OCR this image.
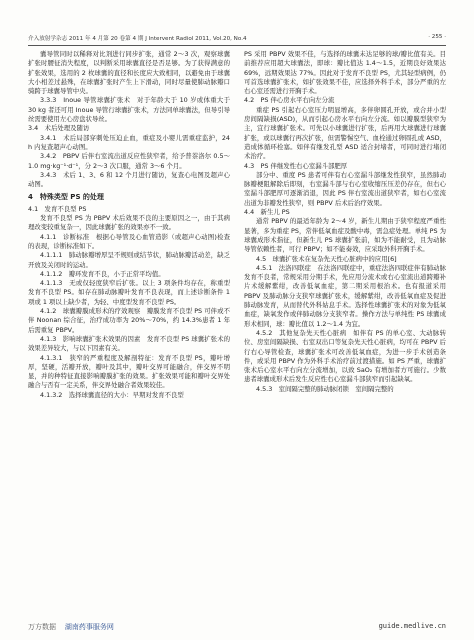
介入放射学杂志 2011 年 4 月第 20 卷第 4 期 J Intervent Radiol 2011, Vol.20, No.4	· 255 ·

囊导管同时以稀释对比剂进行同步扩张，通常 2～3 次，观察球囊扩张时腰征消失程度，以判断采用球囊直径是否足够。为了获得满意的扩张效果，选用的 2 枚球囊的直径和长度应大致相同，以避免由于球囊大小相差过悬殊，在球囊扩张时产生上下滑动，同时尽量使肺动脉瓣口骑跨于球囊导管中央。

3.3.3　Inoue 导管球囊扩张术　对于年龄大于 10 岁或体重大于 30 kg 者还可用 Inoue 导管行球囊扩张术，方法同单球囊法，但导引导丝需要使用左心房盘状导丝。

3.4　术后处理及随访

3.4.1　术后局部穿刺处压迫止血，重症及小婴儿需重症监护，24 h 内复查超声心动图。

3.4.2　PBPV 后伴右室流出道反应性狭窄者，给予普萘洛尔 0.5～1.0 mg·kg⁻¹·d⁻¹，分 2～3 次口服，通常 3～6 个月。

3.4.3　术后 1、3、6 和 12 个月进行随访，复查心电图及超声心动图。

4　特殊类型 PS 的处理

4.1　发育不良型 PS

发育不良型 PS 为 PBPV 术后效果不良的主要原因之一，由于其病理改变较重复杂一，因此球囊扩张的效果亦不一致。

4.1.1　诊断标准　根据心导管及心血管造影（或超声心动图)检查的表现，诊断标准如下。

4.1.1.1　肺动脉瓣增厚呈不规则或结节状，肺动脉瓣活动差，缺乏开放及关闭时的运动。

4.1.1.2　瓣环发育不良，小于正常平均值。

4.1.1.3　无或仅轻度狭窄后扩张。以上 3 项条件均存在，称重型发育不良型 PS。如存在肺动脉瓣叶发育不良表现，而上述诊断条件 1 项或 1 项以上缺少者，为轻、中度型发育不良型 PS。

4.1.2　球囊瓣膜成形术的疗效观察　瓣膜发育不良型 PS 可伴或不伴 Noonan 综合征，治疗成功率为 20%～70%，约 14.3%患者 1 年后需重复 PBPV。

4.1.3　影响球囊扩张术效果的因素　发育不良型 PS 球囊扩张术的效果差异较大，与以下因素有关。

4.1.3.1　狭窄的严重程度及解剖特征：发育不良型 PS，瓣叶增厚，坚硬，活瓣开放，瓣叶及其中，瓣叶交界可能融合，伴交界不明显，并的种特征直接影响瓣膜扩张的效果。扩张效果可能和瓣叶交界处融合与否有一定关系，伴交界处融合者效果较佳。

4.1.3.2　选择球囊直径的大小：早期对发育不良型

PS 采用 PBPV 效果不佳，与选择的球囊未达足够的球/瓣比值有关。目前推荐应用超大球囊法，即球：瓣比值达 1.4～1.5，近期良好效果达 69%，远期效果达 77%。因此对于发育不良型 PS，尤其轻型病例，仍可首选球囊扩张术，如扩张效果不佳，应选择外科手术，部分严重的左右心室还需进行开胸手术。

4.2　PS 伴心房水平右向左分流

重症 PS 引起右心室压力明显增高，多伴卵圆孔开放，或合并小型房间隔缺损(ASD)，从而引起心房水平右向左分流。如以瓣膜型狭窄为主，宜行球囊扩张术。可先以小球囊进行扩张，后再用大球囊进行球囊扩张，或以球囊行再次扩张，但需警惕空气、血栓通过卵圆孔或 ASD，造成体循环栓塞。如伴有继发孔型 ASD 适合封堵者，可同时进行堵闭术治疗。

4.3　PS 伴继发性右心室漏斗部肥厚

部分中、重度 PS 患者可伴有右心室漏斗部继发性狭窄，虽然肺动脉瓣梗阻解除后即刻，右室漏斗部与右心室收缩压压差仍存在，但右心室漏斗部肥厚可逐渐消退，因此 PS 伴右室流出道狭窄者，如右心室流出道为非瓣发性狭窄，则 PBPV 后术后治疗效果。

4.4　新生儿 PS

通常 PBPV 的最适年龄为 2～4 岁，新生儿期由于狭窄程度严重性显著，多为重症 PS，常伴低氧血症及酸中毒，需急症处理。单纯 PS 为球囊成形术指征，但新生儿 PS 球囊扩张前，如为不能耐受，且为动脉导管依赖性者，可行 PBPV；如不能奏效，应采取外科开胸手术。

4.5　球囊扩张术在复杂先天性心脏病中的应用[6]

4.5.1　法洛四联症　在法洛四联症中，重症法洛四联症伴有肺动脉发育不良者，常规采用分期手术，先应用分流术或右心室流出道跨瓣补片术缓解紫绀，改善低氧血症，第二期采用根治术。也有报道采用 PBPV 及肺动脉分支狭窄球囊扩张术，缓解紫绀，改善低氧血症及促进肺动脉发育，从而替代外科姑息手术。选择性球囊扩张术的对象为低氧血症，缺氧发作或伴肺动脉分支狭窄者。操作方法与单纯性 PS 球囊成形术相同，球：瓣比值以 1.2～1.4 为宜。

4.5.2　其他复杂先天性心脏病　如伴有 PS 的单心室、大动脉转位、房室间隔缺损、右室双出口等复杂先天性心脏病，均可在 PBPV 后行右心导管检查，球囊扩张术可改善低氧血症，为进一步手术创造条件，或采用 PBPV 作为外科手术治疗前过渡措施。如 PS 严重，球囊扩张术后心室水平右向左分流增加，以致 SaO₂ 有增加者方可施行。少数患者球囊成形术后发生反应性右心室漏斗部狭窄而引起缺氧。

4.5.3　室间隔完整的肺动脉闭锁　室间隔完整的

万方数据 湖南药事服务网	guide.medlive.cn
